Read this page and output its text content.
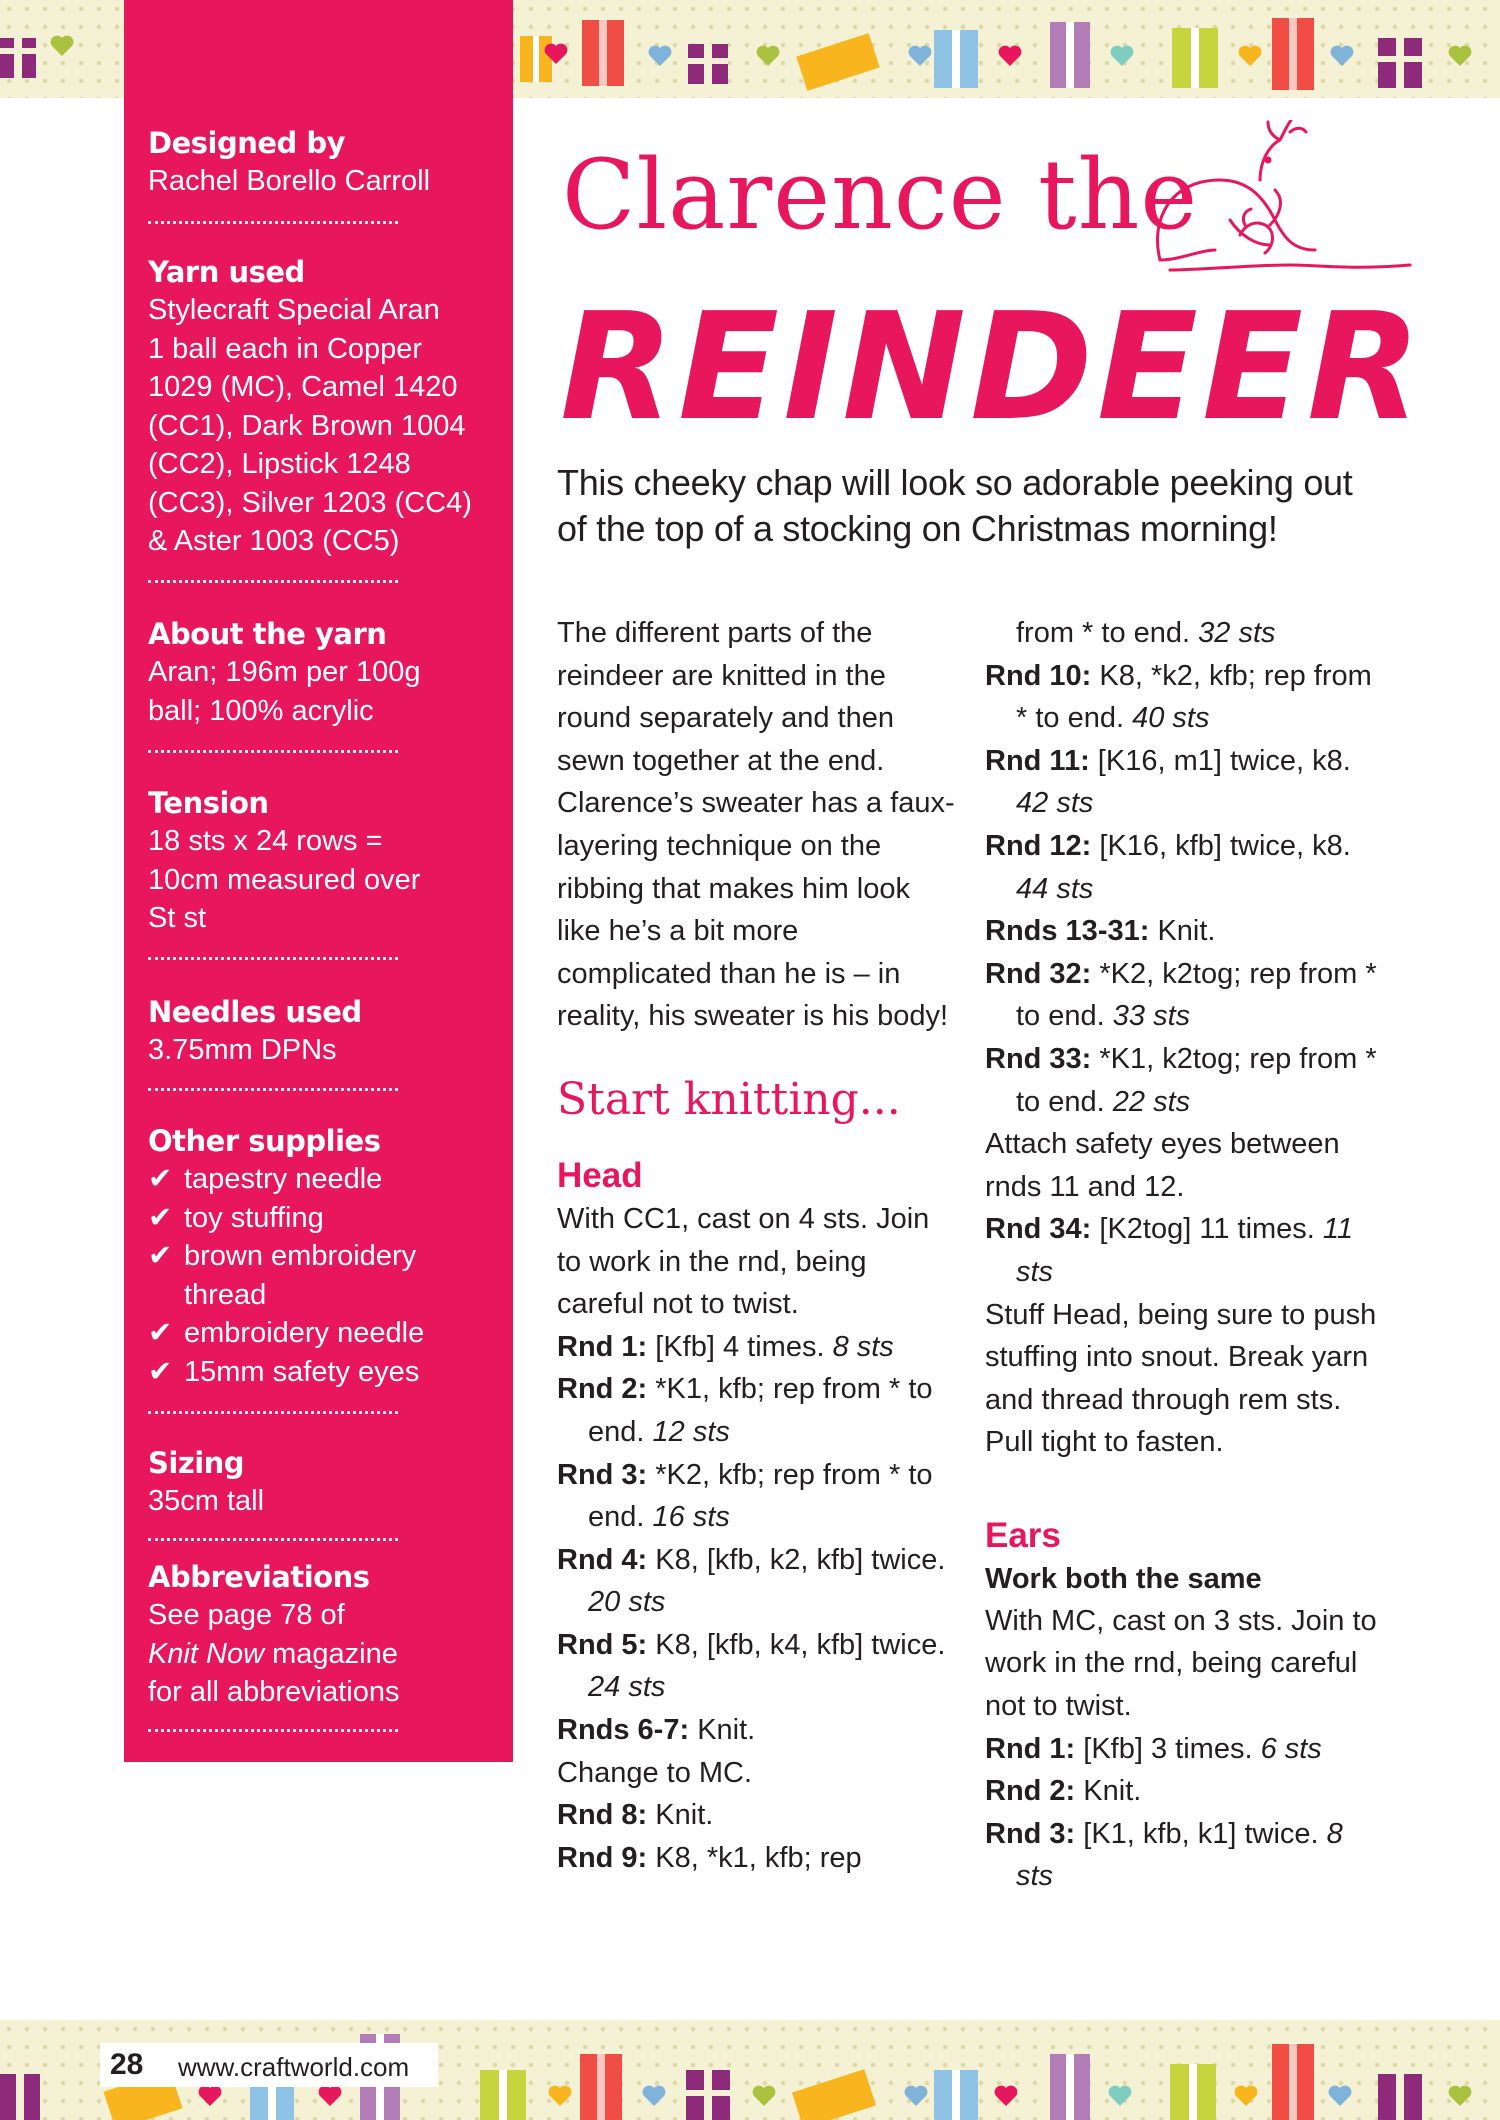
Designed by
Rachel Borello Carroll
Yarn used
Stylecraft Special Aran
1 ball each in Copper
1029 (MC), Camel 1420
(CC1), Dark Brown 1004
(CC2), Lipstick 1248
(CC3), Silver 1203 (CC4)
& Aster 1003 (CC5)
About the yarn
Aran; 196m per 100g
ball; 100% acrylic
Tension
18 sts x 24 rows =
10cm measured over
St st
Needles used
3.75mm DPNs
Other supplies
✔ tapestry needle
✔ toy stuffing
✔ brown embroidery thread
✔ embroidery needle
✔ 15mm safety eyes
Sizing
35cm tall
Abbreviations
See page 78 of
Knit Now magazine
for all abbreviations
Clarence the
REINDEER
This cheeky chap will look so adorable peeking out of the top of a stocking on Christmas morning!

The different parts of the reindeer are knitted in the round separately and then sewn together at the end. Clarence’s sweater has a faux-layering technique on the ribbing that makes him look like he’s a bit more complicated than he is – in reality, his sweater is his body!

Start knitting...
Head
With CC1, cast on 4 sts. Join to work in the rnd, being careful not to twist.
Rnd 1: [Kfb] 4 times. 8 sts
Rnd 2: *K1, kfb; rep from * to end. 12 sts
Rnd 3: *K2, kfb; rep from * to end. 16 sts
Rnd 4: K8, [kfb, k2, kfb] twice. 20 sts
Rnd 5: K8, [kfb, k4, kfb] twice. 24 sts
Rnds 6-7: Knit.
Change to MC.
Rnd 8: Knit.
Rnd 9: K8, *k1, kfb; rep
from * to end. 32 sts
Rnd 10: K8, *k2, kfb; rep from * to end. 40 sts
Rnd 11: [K16, m1] twice, k8. 42 sts
Rnd 12: [K16, kfb] twice, k8. 44 sts
Rnds 13-31: Knit.
Rnd 32: *K2, k2tog; rep from * to end. 33 sts
Rnd 33: *K1, k2tog; rep from * to end. 22 sts
Attach safety eyes between rnds 11 and 12.
Rnd 34: [K2tog] 11 times. 11 sts
Stuff Head, being sure to push stuffing into snout. Break yarn and thread through rem sts. Pull tight to fasten.
Ears
Work both the same
With MC, cast on 3 sts. Join to work in the rnd, being careful not to twist.
Rnd 1: [Kfb] 3 times. 6 sts
Rnd 2: Knit.
Rnd 3: [K1, kfb, k1] twice. 8 sts
28 www.craftworld.com
